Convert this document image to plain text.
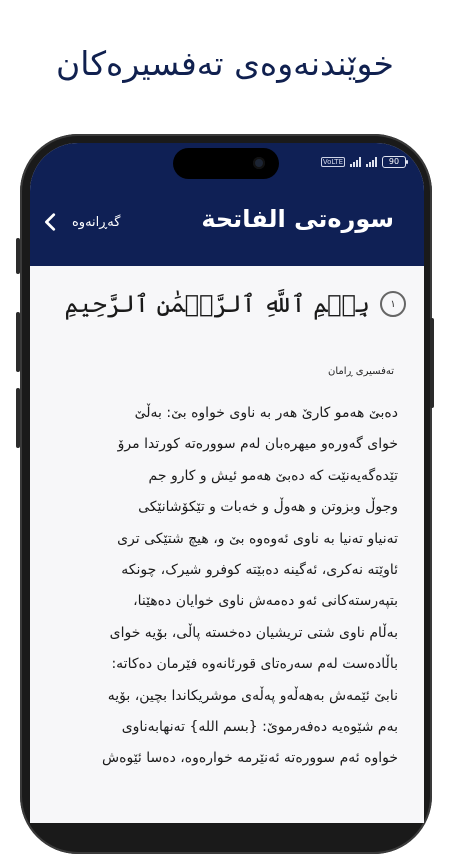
خوێندنەوەی تەفسیرەکان
VoLTE	90
گەڕانەوە	سورەتی الفاتحة
بِسۡمِ ٱللَّهِ ٱلرَّحۡمَٰنِ ٱلرَّحِيمِ	١
تەفسیری ڕامان

دەبێ هەمو کارێ هەر بە ناوی خواوە بێ: بەڵێ

خوای گەورەو میهرەبان لەم سوورەتە کورتدا مرۆ

تێدەگەیەنێت کە دەبێ هەمو ئیش و کارو جم

وجوڵ وبزوتن و هەوڵ و خەبات و تێکۆشانێکی

تەنیاو تەنیا بە ناوی ئەوەوە بێ و، هیچ شتێکی تری

ئاوێتە نەکری، ئەگینە دەبێتە کوفرو شیرک، چونکە

بتپەرستەکانی ئەو دەمەش ناوی خوایان دەهێنا،

بەڵام ناوی شتی تریشیان دەخستە پاڵی، بۆیە خوای

باڵادەست لەم سەرەتای قورئانەوە فێرمان دەکاتە:

نابێ ئێمەش بەهەڵەو پەڵەی موشریکاندا بچین، بۆیە

بەم شێوەیە دەفەرموێ: {بسم الله} تەنهابەناوی

خواوە ئەم سوورەتە ئەنێرمە خوارەوە، دەسا ئێوەش
